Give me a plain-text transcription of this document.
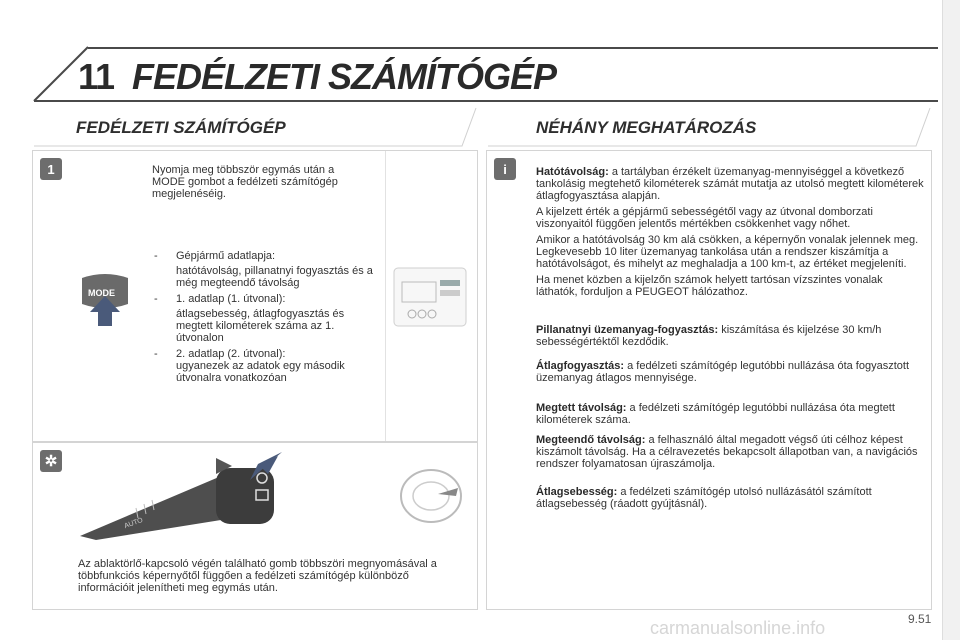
11 FEDÉLZETI SZÁMÍTÓGÉP
FEDÉLZETI SZÁMÍTÓGÉP	NÉHÁNY MEGHATÁROZÁS
1	Nyomja meg többször egymás után a MODE gombot a fedélzeti számítógép megjelenéséig.
MODE
- Gépjármű adatlapja:
hatótávolság, pillanatnyi fogyasztás és a még megteendő távolság
- 1. adatlap (1. útvonal):
átlagsebesség, átlagfogyasztás és megtett kilométerek száma az 1. útvonalon
- 2. adatlap (2. útvonal):
ugyanezek az adatok egy második útvonalra vonatkozóan
✲
AUTO
Az ablaktörlő-kapcsoló végén található gomb többszöri megnyomásával a többfunkciós képernyőtől függően a fedélzeti számítógép különböző információit jelenítheti meg egymás után.
i	Hatótávolság: a tartályban érzékelt üzemanyag-mennyiséggel a következő tankolásig megtehető kilométerek számát mutatja az utolsó megtett kilométerek átlagfogyasztása alapján.

A kijelzett érték a gépjármű sebességétől vagy az útvonal domborzati viszonyaitól függően jelentős mértékben csökkenhet vagy nőhet.

Amikor a hatótávolság 30 km alá csökken, a képernyőn vonalak jelennek meg. Legkevesebb 10 liter üzemanyag tankolása után a rendszer kiszámítja a hatótávolságot, és mihelyt az meghaladja a 100 km-t, az értéket megjeleníti.

Ha menet közben a kijelzőn számok helyett tartósan vízszintes vonalak láthatók, forduljon a PEUGEOT hálózathoz.

Pillanatnyi üzemanyag-fogyasztás: kiszámítása és kijelzése 30 km/h sebességértéktől kezdődik.

Átlagfogyasztás: a fedélzeti számítógép legutóbbi nullázása óta fogyasztott üzemanyag átlagos mennyisége.

Megtett távolság: a fedélzeti számítógép legutóbbi nullázása óta megtett kilométerek száma.

Megteendő távolság: a felhasználó által megadott végső úti célhoz képest kiszámolt távolság. Ha a célravezetés bekapcsolt állapotban van, a navigációs rendszer folyamatosan újraszámolja.

Átlagsebesség: a fedélzeti számítógép utolsó nullázásától számított átlagsebesség (ráadott gyújtásnál).

carmanualsonline.info	9.51
